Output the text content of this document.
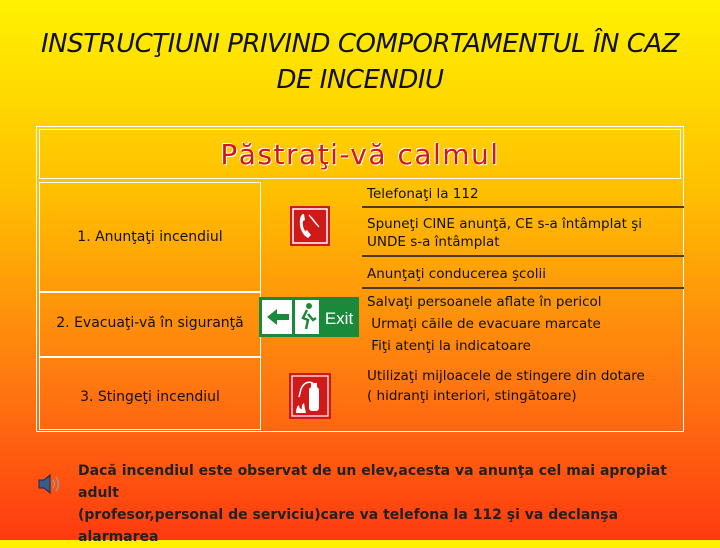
INSTRUCŢIUNI PRIVIND COMPORTAMENTUL ÎN CAZ DE INCENDIU
Păstraţi-vă calmul
1. Anunţaţi incendiul
2. Evacuaţi-vă în siguranţă
3. Stingeţi incendiul
Exit
Telefonaţi la 112
Spuneţi CINE anunţă, CE s-a întâmplat şi
UNDE s-a întâmplat
Anunţaţi conducerea şcolii
Salvaţi persoanele aflate în pericol
Urmaţi căile de evacuare marcate
Fiţi atenţi la indicatoare
Utilizaţi mijloacele de stingere din dotare
( hidranţi interiori, stingătoare)
Dacă incendiul este observat de un elev,acesta va anunţa cel mai apropiat adult
(profesor,personal de serviciu)care va telefona la 112 şi va declanşa alarmarea
